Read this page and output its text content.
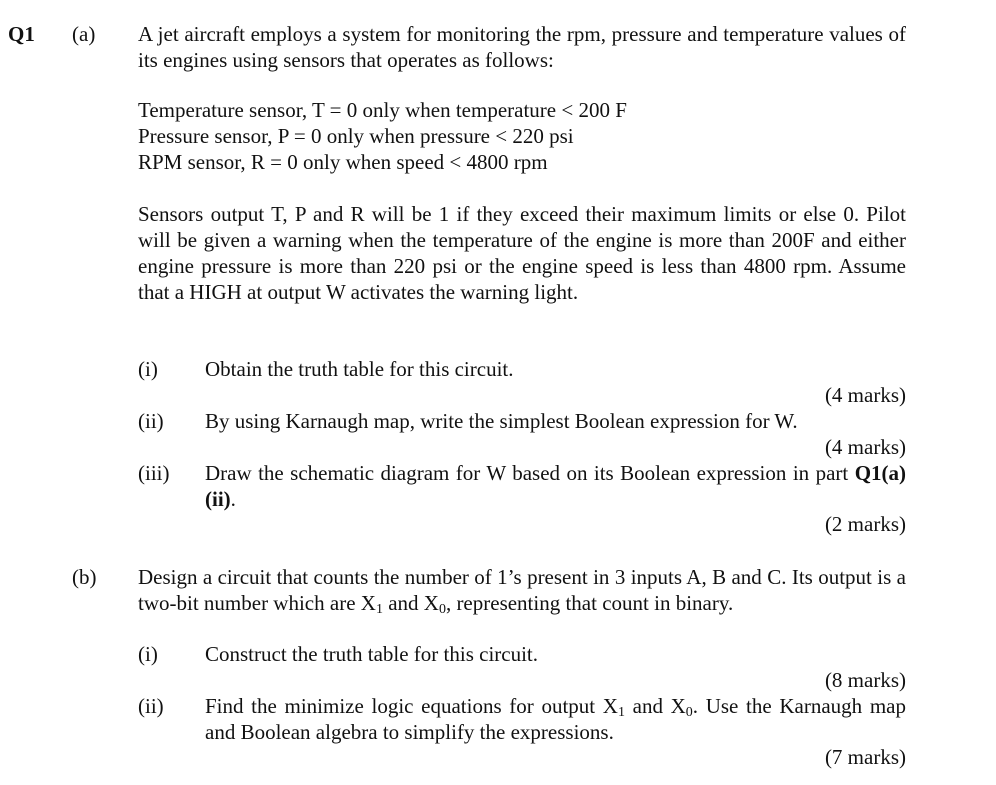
Q1 (a) A jet aircraft employs a system for monitoring the rpm, pressure and temperature values of its engines using sensors that operates as follows:
Temperature sensor, T = 0 only when temperature < 200 F
Pressure sensor, P = 0 only when pressure < 220 psi
RPM sensor, R = 0 only when speed < 4800 rpm
Sensors output T, P and R will be 1 if they exceed their maximum limits or else 0. Pilot will be given a warning when the temperature of the engine is more than 200F and either engine pressure is more than 220 psi or the engine speed is less than 4800 rpm. Assume that a HIGH at output W activates the warning light.
(i) Obtain the truth table for this circuit.
(4 marks)
(ii) By using Karnaugh map, write the simplest Boolean expression for W.
(4 marks)
(iii) Draw the schematic diagram for W based on its Boolean expression in part Q1(a)(ii).
(2 marks)
(b) Design a circuit that counts the number of 1’s present in 3 inputs A, B and C. Its output is a two-bit number which are $X_1$ and $X_0$, representing that count in binary.
(i) Construct the truth table for this circuit.
(8 marks)
(ii) Find the minimize logic equations for output $X_1$ and $X_0$. Use the Karnaugh map and Boolean algebra to simplify the expressions.
(7 marks)
